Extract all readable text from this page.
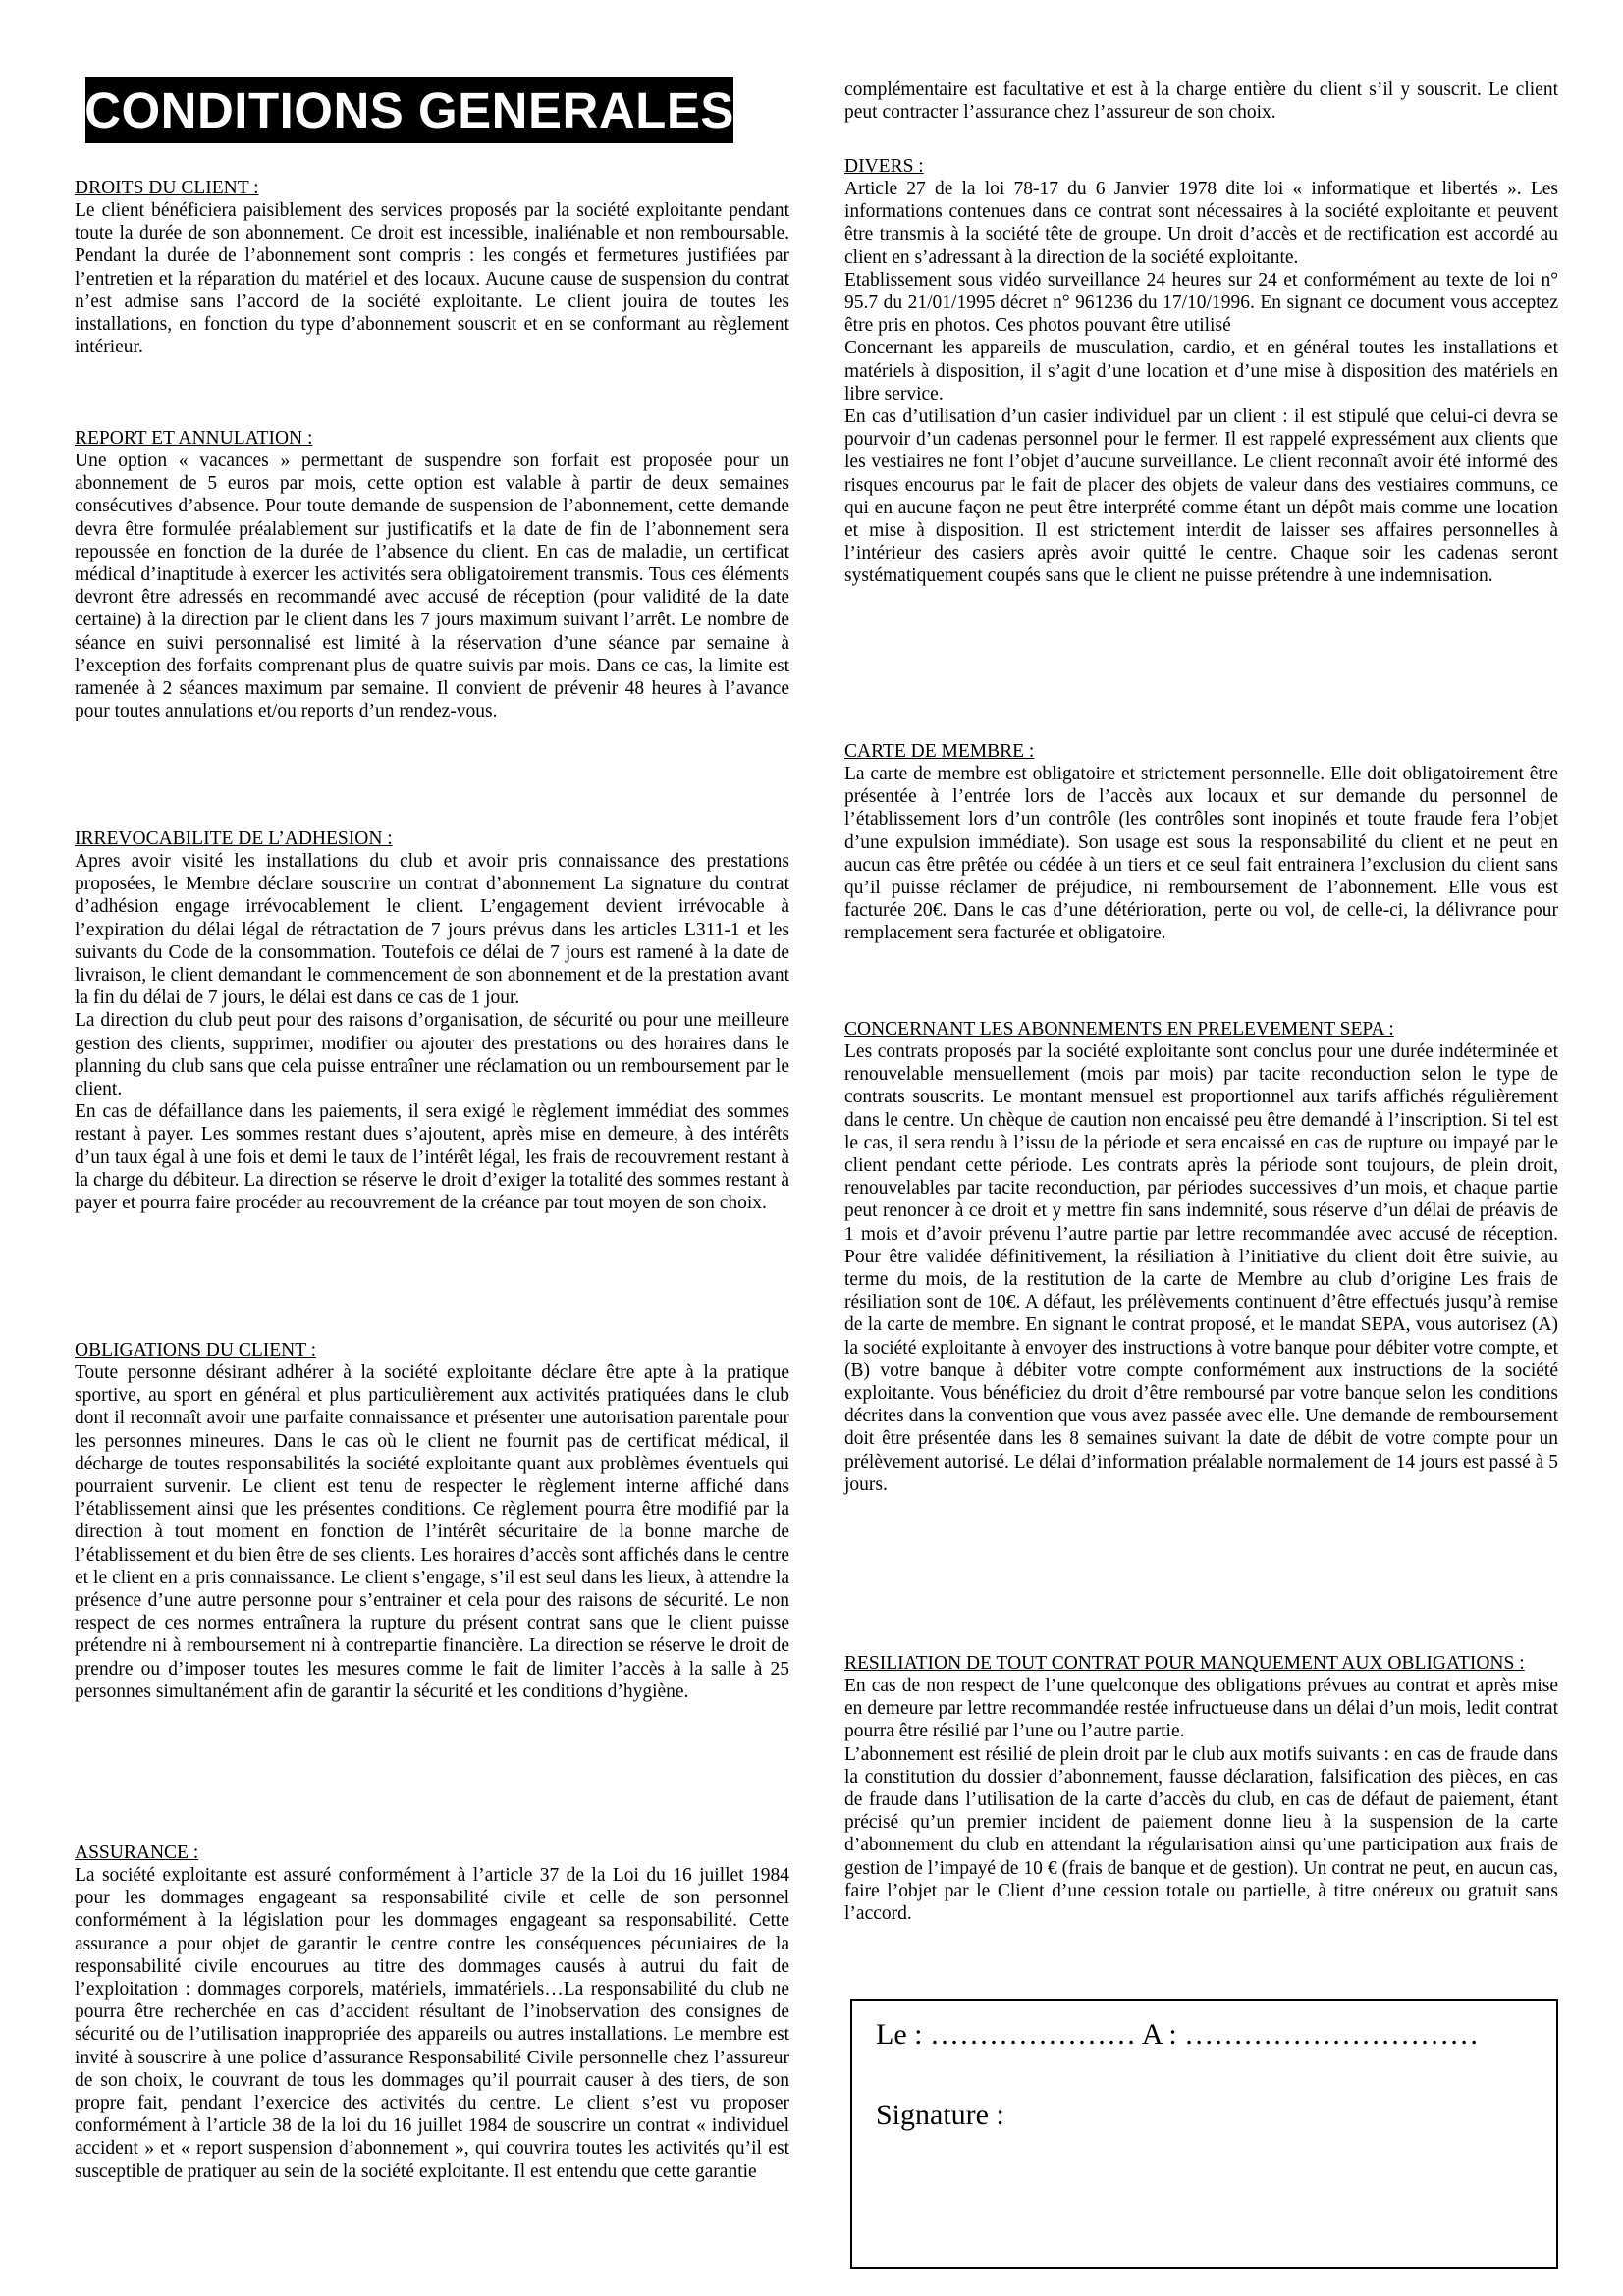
CONDITIONS GENERALES
DROITS DU CLIENT :

Le client bénéficiera paisiblement des services proposés par la société exploitante pendant toute la durée de son abonnement. Ce droit est incessible, inaliénable et non remboursable. Pendant la durée de l’abonnement sont compris : les congés et fermetures justifiées par l’entretien et la réparation du matériel et des locaux. Aucune cause de suspension du contrat n’est admise sans l’accord de la société exploitante. Le client jouira de toutes les installations, en fonction du type d’abonnement souscrit et en se conformant au règlement intérieur.

REPORT ET ANNULATION :

Une option « vacances » permettant de suspendre son forfait est proposée pour un abonnement de 5 euros par mois, cette option est valable à partir de deux semaines consécutives d’absence. Pour toute demande de suspension de l’abonnement, cette demande devra être formulée préalablement sur justificatifs et la date de fin de l’abonnement sera repoussée en fonction de la durée de l’absence du client. En cas de maladie, un certificat médical d’inaptitude à exercer les activités sera obligatoirement transmis. Tous ces éléments devront être adressés en recommandé avec accusé de réception (pour validité de la date certaine) à la direction par le client dans les 7 jours maximum suivant l’arrêt. Le nombre de séance en suivi personnalisé est limité à la réservation d’une séance par semaine à l’exception des forfaits comprenant plus de quatre suivis par mois. Dans ce cas, la limite est ramenée à 2 séances maximum par semaine. Il convient de prévenir 48 heures à l’avance pour toutes annulations et/ou reports d’un rendez-vous.

IRREVOCABILITE DE L’ADHESION :

Apres avoir visité les installations du club et avoir pris connaissance des prestations proposées, le Membre déclare souscrire un contrat d’abonnement La signature du contrat d’adhésion engage irrévocablement le client. L’engagement devient irrévocable à l’expiration du délai légal de rétractation de 7 jours prévus dans les articles L311-1 et les suivants du Code de la consommation. Toutefois ce délai de 7 jours est ramené à la date de livraison, le client demandant le commencement de son abonnement et de la prestation avant la fin du délai de 7 jours, le délai est dans ce cas de 1 jour.

La direction du club peut pour des raisons d’organisation, de sécurité ou pour une meilleure gestion des clients, supprimer, modifier ou ajouter des prestations ou des horaires dans le planning du club sans que cela puisse entraîner une réclamation ou un remboursement par le client.

En cas de défaillance dans les paiements, il sera exigé le règlement immédiat des sommes restant à payer. Les sommes restant dues s’ajoutent, après mise en demeure, à des intérêts d’un taux égal à une fois et demi le taux de l’intérêt légal, les frais de recouvrement restant à la charge du débiteur. La direction se réserve le droit d’exiger la totalité des sommes restant à payer et pourra faire procéder au recouvrement de la créance par tout moyen de son choix.

OBLIGATIONS DU CLIENT :

Toute personne désirant adhérer à la société exploitante déclare être apte à la pratique sportive, au sport en général et plus particulièrement aux activités pratiquées dans le club dont il reconnaît avoir une parfaite connaissance et présenter une autorisation parentale pour les personnes mineures. Dans le cas où le client ne fournit pas de certificat médical, il décharge de toutes responsabilités la société exploitante quant aux problèmes éventuels qui pourraient survenir. Le client est tenu de respecter le règlement interne affiché dans l’établissement ainsi que les présentes conditions. Ce règlement pourra être modifié par la direction à tout moment en fonction de l’intérêt sécuritaire de la bonne marche de l’établissement et du bien être de ses clients. Les horaires d’accès sont affichés dans le centre et le client en a pris connaissance. Le client s’engage, s’il est seul dans les lieux, à attendre la présence d’une autre personne pour s’entrainer et cela pour des raisons de sécurité. Le non respect de ces normes entraînera la rupture du présent contrat sans que le client puisse prétendre ni à remboursement ni à contrepartie financière. La direction se réserve le droit de prendre ou d’imposer toutes les mesures comme le fait de limiter l’accès à la salle à 25 personnes simultanément afin de garantir la sécurité et les conditions d’hygiène.

ASSURANCE :

La société exploitante est assuré conformément à l’article 37 de la Loi du 16 juillet 1984 pour les dommages engageant sa responsabilité civile et celle de son personnel conformément à la législation pour les dommages engageant sa responsabilité. Cette assurance a pour objet de garantir le centre contre les conséquences pécuniaires de la responsabilité civile encourues au titre des dommages causés à autrui du fait de l’exploitation : dommages corporels, matériels, immatériels…La responsabilité du club ne pourra être recherchée en cas d’accident résultant de l’inobservation des consignes de sécurité ou de l’utilisation inappropriée des appareils ou autres installations. Le membre est invité à souscrire à une police d’assurance Responsabilité Civile personnelle chez l’assureur de son choix, le couvrant de tous les dommages qu’il pourrait causer à des tiers, de son propre fait, pendant l’exercice des activités du centre. Le client s’est vu proposer conformément à l’article 38 de la loi du 16 juillet 1984 de souscrire un contrat « individuel accident » et « report suspension d’abonnement », qui couvrira toutes les activités qu’il est susceptible de pratiquer au sein de la société exploitante. Il est entendu que cette garantie

complémentaire est facultative et est à la charge entière du client s’il y souscrit. Le client peut contracter l’assurance chez l’assureur de son choix.

DIVERS :

Article 27 de la loi 78-17 du 6 Janvier 1978 dite loi « informatique et libertés ». Les informations contenues dans ce contrat sont nécessaires à la société exploitante et peuvent être transmis à la société tête de groupe. Un droit d’accès et de rectification est accordé au client en s’adressant à la direction de la société exploitante.

Etablissement sous vidéo surveillance 24 heures sur 24 et conformément au texte de loi n° 95.7 du 21/01/1995 décret n° 961236 du 17/10/1996. En signant ce document vous acceptez être pris en photos. Ces photos pouvant être utilisé

Concernant les appareils de musculation, cardio, et en général toutes les installations et matériels à disposition, il s’agit d’une location et d’une mise à disposition des matériels en libre service.

En cas d’utilisation d’un casier individuel par un client : il est stipulé que celui-ci devra se pourvoir d’un cadenas personnel pour le fermer. Il est rappelé expressément aux clients que les vestiaires ne font l’objet d’aucune surveillance. Le client reconnaît avoir été informé des risques encourus par le fait de placer des objets de valeur dans des vestiaires communs, ce qui en aucune façon ne peut être interprété comme étant un dépôt mais comme une location et mise à disposition. Il est strictement interdit de laisser ses affaires personnelles à l’intérieur des casiers après avoir quitté le centre. Chaque soir les cadenas seront systématiquement coupés sans que le client ne puisse prétendre à une indemnisation.

CARTE DE MEMBRE :

La carte de membre est obligatoire et strictement personnelle. Elle doit obligatoirement être présentée à l’entrée lors de l’accès aux locaux et sur demande du personnel de l’établissement lors d’un contrôle (les contrôles sont inopinés et toute fraude fera l’objet d’une expulsion immédiate). Son usage est sous la responsabilité du client et ne peut en aucun cas être prêtée ou cédée à un tiers et ce seul fait entrainera l’exclusion du client sans qu’il puisse réclamer de préjudice, ni remboursement de l’abonnement. Elle vous est facturée 20€. Dans le cas d’une détérioration, perte ou vol, de celle-ci, la délivrance pour remplacement sera facturée et obligatoire.

CONCERNANT LES ABONNEMENTS EN PRELEVEMENT SEPA :

Les contrats proposés par la société exploitante sont conclus pour une durée indéterminée et renouvelable mensuellement (mois par mois) par tacite reconduction selon le type de contrats souscrits. Le montant mensuel est proportionnel aux tarifs affichés régulièrement dans le centre. Un chèque de caution non encaissé peu être demandé à l’inscription. Si tel est le cas, il sera rendu à l’issu de la période et sera encaissé en cas de rupture ou impayé par le client pendant cette période. Les contrats après la période sont toujours, de plein droit, renouvelables par tacite reconduction, par périodes successives d’un mois, et chaque partie peut renoncer à ce droit et y mettre fin sans indemnité, sous réserve d’un délai de préavis de 1 mois et d’avoir prévenu l’autre partie par lettre recommandée avec accusé de réception. Pour être validée définitivement, la résiliation à l’initiative du client doit être suivie, au terme du mois, de la restitution de la carte de Membre au club d’origine Les frais de résiliation sont de 10€. A défaut, les prélèvements continuent d’être effectués jusqu’à remise de la carte de membre. En signant le contrat proposé, et le mandat SEPA, vous autorisez (A) la société exploitante à envoyer des instructions à votre banque pour débiter votre compte, et (B) votre banque à débiter votre compte conformément aux instructions de la société exploitante. Vous bénéficiez du droit d’être remboursé par votre banque selon les conditions décrites dans la convention que vous avez passée avec elle. Une demande de remboursement doit être présentée dans les 8 semaines suivant la date de débit de votre compte pour un prélèvement autorisé. Le délai d’information préalable normalement de 14 jours est passé à 5 jours.

RESILIATION DE TOUT CONTRAT POUR MANQUEMENT AUX OBLIGATIONS :

En cas de non respect de l’une quelconque des obligations prévues au contrat et après mise en demeure par lettre recommandée restée infructueuse dans un délai d’un mois, ledit contrat pourra être résilié par l’une ou l’autre partie.

L’abonnement est résilié de plein droit par le club aux motifs suivants : en cas de fraude dans la constitution du dossier d’abonnement, fausse déclaration, falsification des pièces, en cas de fraude dans l’utilisation de la carte d’accès du club, en cas de défaut de paiement, étant précisé qu’un premier incident de paiement donne lieu à la suspension de la carte d’abonnement du club en attendant la régularisation ainsi qu’une participation aux frais de gestion de l’impayé de 10 € (frais de banque et de gestion). Un contrat ne peut, en aucun cas, faire l’objet par le Client d’une cession totale ou partielle, à titre onéreux ou gratuit sans l’accord.

Le : ………………… A : …………………………
Signature :
